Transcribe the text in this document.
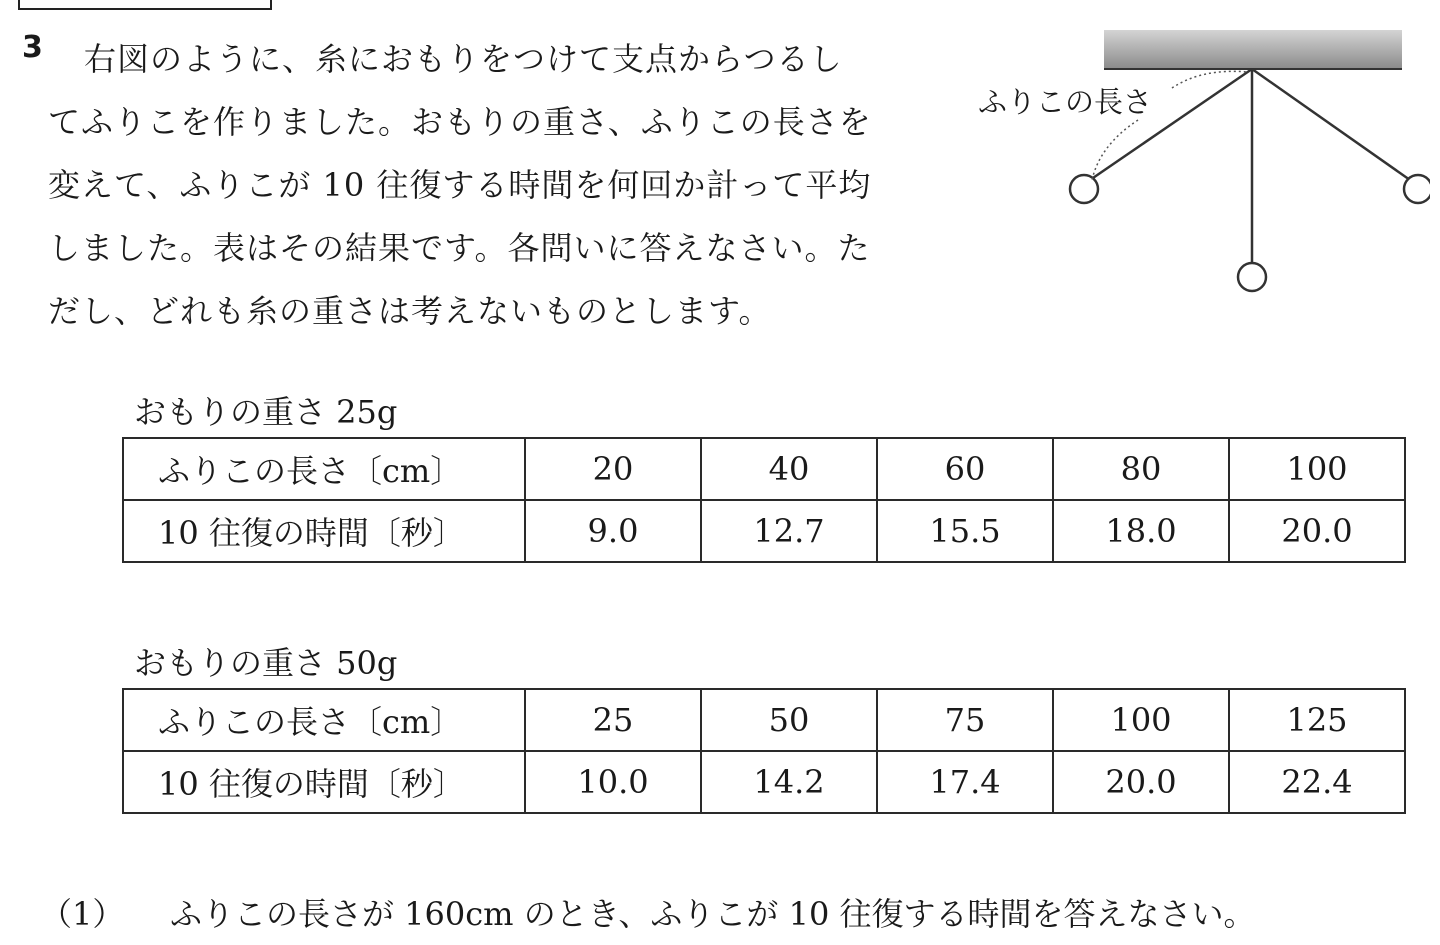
3 右図のように、糸におもりをつけて支点からつるし
てふりこを作りました。おもりの重さ、ふりこの長さを
変えて、ふりこが 10 往復する時間を何回か計って平均
しました。表はその結果です。各問いに答えなさい。た
だし、どれも糸の重さは考えないものとします。
ふりこの長さ
おもりの重さ 25g
ふりこの長さ〔cm〕	20	40	60	80	100
10 往復の時間〔秒〕	9.0	12.7	15.5	18.0	20.0
おもりの重さ 50g
ふりこの長さ〔cm〕	25	50	75	100	125
10 往復の時間〔秒〕	10.0	14.2	17.4	20.0	22.4
（1） ふりこの長さが 160cm のとき、ふりこが 10 往復する時間を答えなさい。
